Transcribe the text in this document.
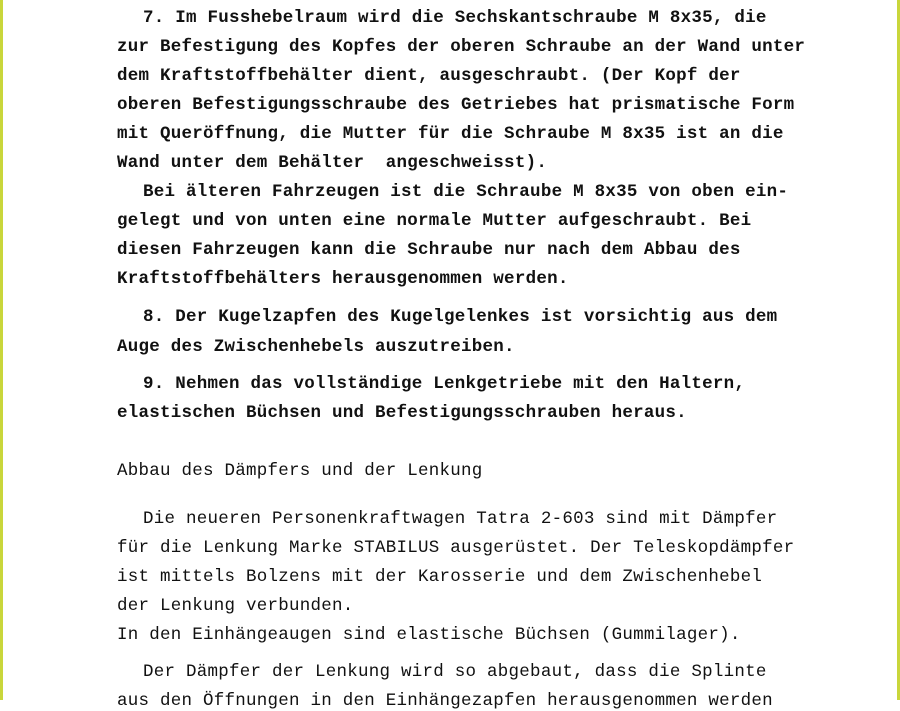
7. Im Fusshebelraum wird die Sechskantschraube M 8x35, die
zur Befestigung des Kopfes der oberen Schraube an der Wand unter
dem Kraftstoffbehälter dient, ausgeschraubt. (Der Kopf der
oberen Befestigungsschraube des Getriebes hat prismatische Form
mit Queröffnung, die Mutter für die Schraube M 8x35 ist an die
Wand unter dem Behälter  angeschweisst).
Bei älteren Fahrzeugen ist die Schraube M 8x35 von oben ein-
gelegt und von unten eine normale Mutter aufgeschraubt. Bei
diesen Fahrzeugen kann die Schraube nur nach dem Abbau des
Kraftstoffbehälters herausgenommen werden.
8. Der Kugelzapfen des Kugelgelenkes ist vorsichtig aus dem
Auge des Zwischenhebels auszutreiben.
9. Nehmen das vollständige Lenkgetriebe mit den Haltern,
elastischen Büchsen und Befestigungsschrauben heraus.
Abbau des Dämpfers und der Lenkung
Die neueren Personenkraftwagen Tatra 2-603 sind mit Dämpfer
für die Lenkung Marke STABILUS ausgerüstet. Der Teleskopdämpfer
ist mittels Bolzens mit der Karosserie und dem Zwischenhebel
der Lenkung verbunden.
In den Einhängeaugen sind elastische Büchsen (Gummilager).
Der Dämpfer der Lenkung wird so abgebaut, dass die Splinte
aus den Öffnungen in den Einhängezapfen herausgenommen werden
